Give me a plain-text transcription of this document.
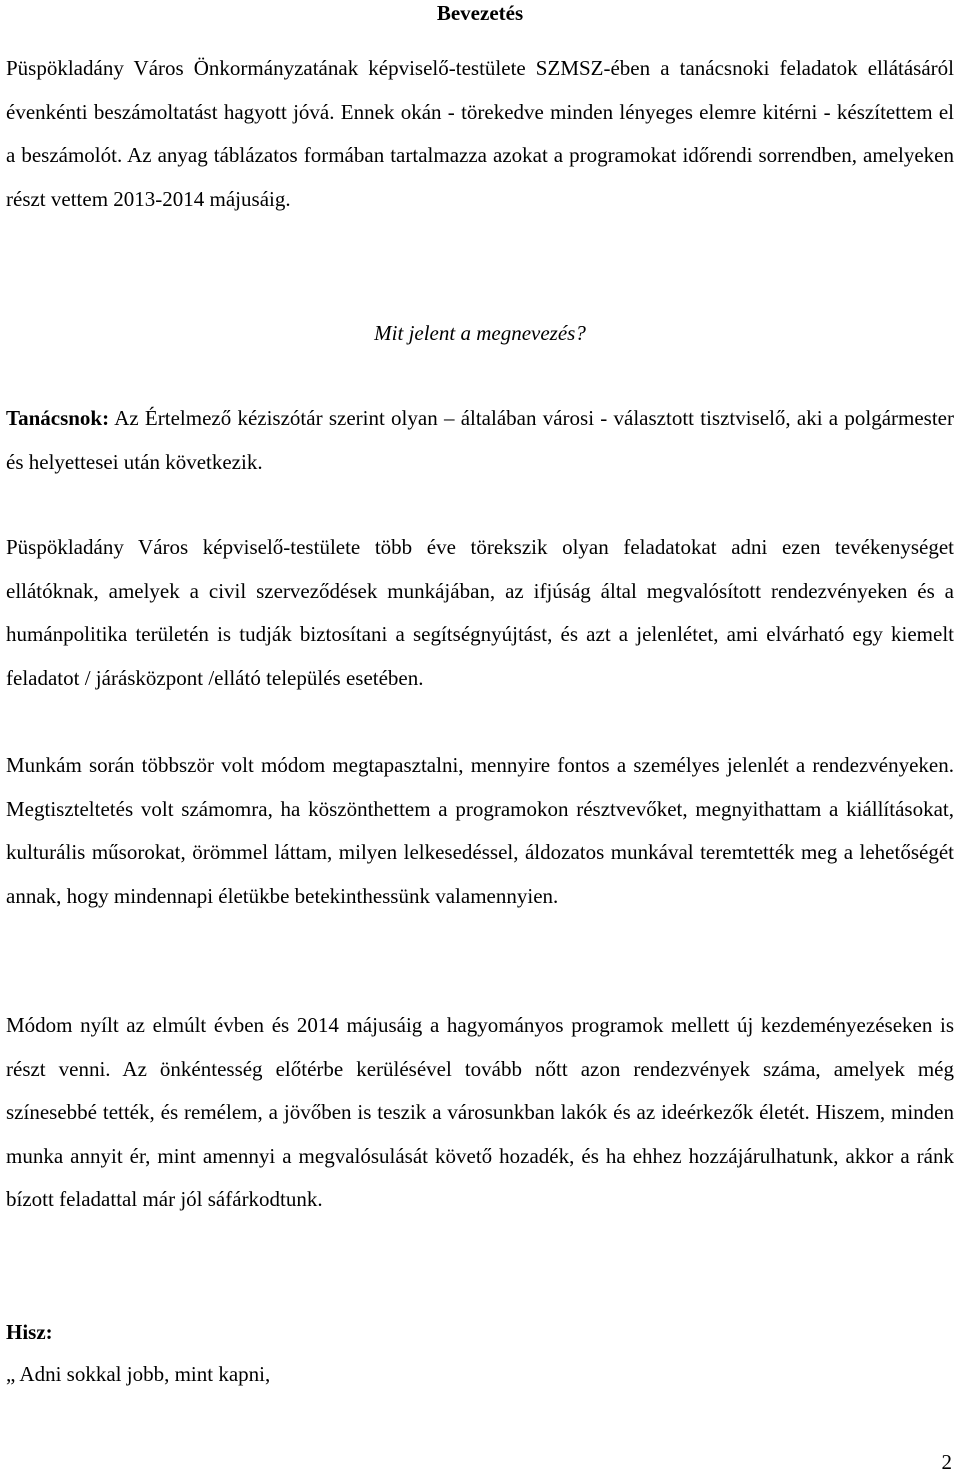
Bevezetés

Püspökladány Város Önkormányzatának képviselő-testülete SZMSZ-ében a tanácsnoki feladatok ellátásáról évenkénti beszámoltatást hagyott jóvá. Ennek okán - törekedve minden lényeges elemre kitérni - készítettem el a beszámolót. Az anyag táblázatos formában tartalmazza azokat a programokat időrendi sorrendben, amelyeken részt vettem 2013-2014 májusáig.

Mit jelent a megnevezés?

Tanácsnok: Az Értelmező kéziszótár szerint olyan – általában városi - választott tisztviselő, aki a polgármester és helyettesei után következik.

Püspökladány Város képviselő-testülete több éve törekszik olyan feladatokat adni ezen tevékenységet ellátóknak, amelyek a civil szerveződések munkájában, az ifjúság által megvalósított rendezvényeken és a humánpolitika területén is tudják biztosítani a segítségnyújtást, és azt a jelenlétet, ami elvárható egy kiemelt feladatot / járásközpont /ellátó település esetében.

Munkám során többször volt módom megtapasztalni, mennyire fontos a személyes jelenlét a rendezvényeken. Megtiszteltetés volt számomra, ha köszönthettem a programokon résztvevőket, megnyithattam a kiállításokat, kulturális műsorokat, örömmel láttam, milyen lelkesedéssel, áldozatos munkával teremtették meg a lehetőségét annak, hogy mindennapi életükbe betekinthessünk valamennyien.

Módom nyílt az elmúlt évben és 2014 májusáig a hagyományos programok mellett új kezdeményezéseken is részt venni. Az önkéntesség előtérbe kerülésével tovább nőtt azon rendezvények száma, amelyek még színesebbé tették, és remélem, a jövőben is teszik a városunkban lakók és az ideérkezők életét. Hiszem, minden munka annyit ér, mint amennyi a megvalósulását követő hozadék, és ha ehhez hozzájárulhatunk, akkor a ránk bízott feladattal már jól sáfárkodtunk.

Hisz:
„ Adni sokkal jobb, mint kapni,
2
